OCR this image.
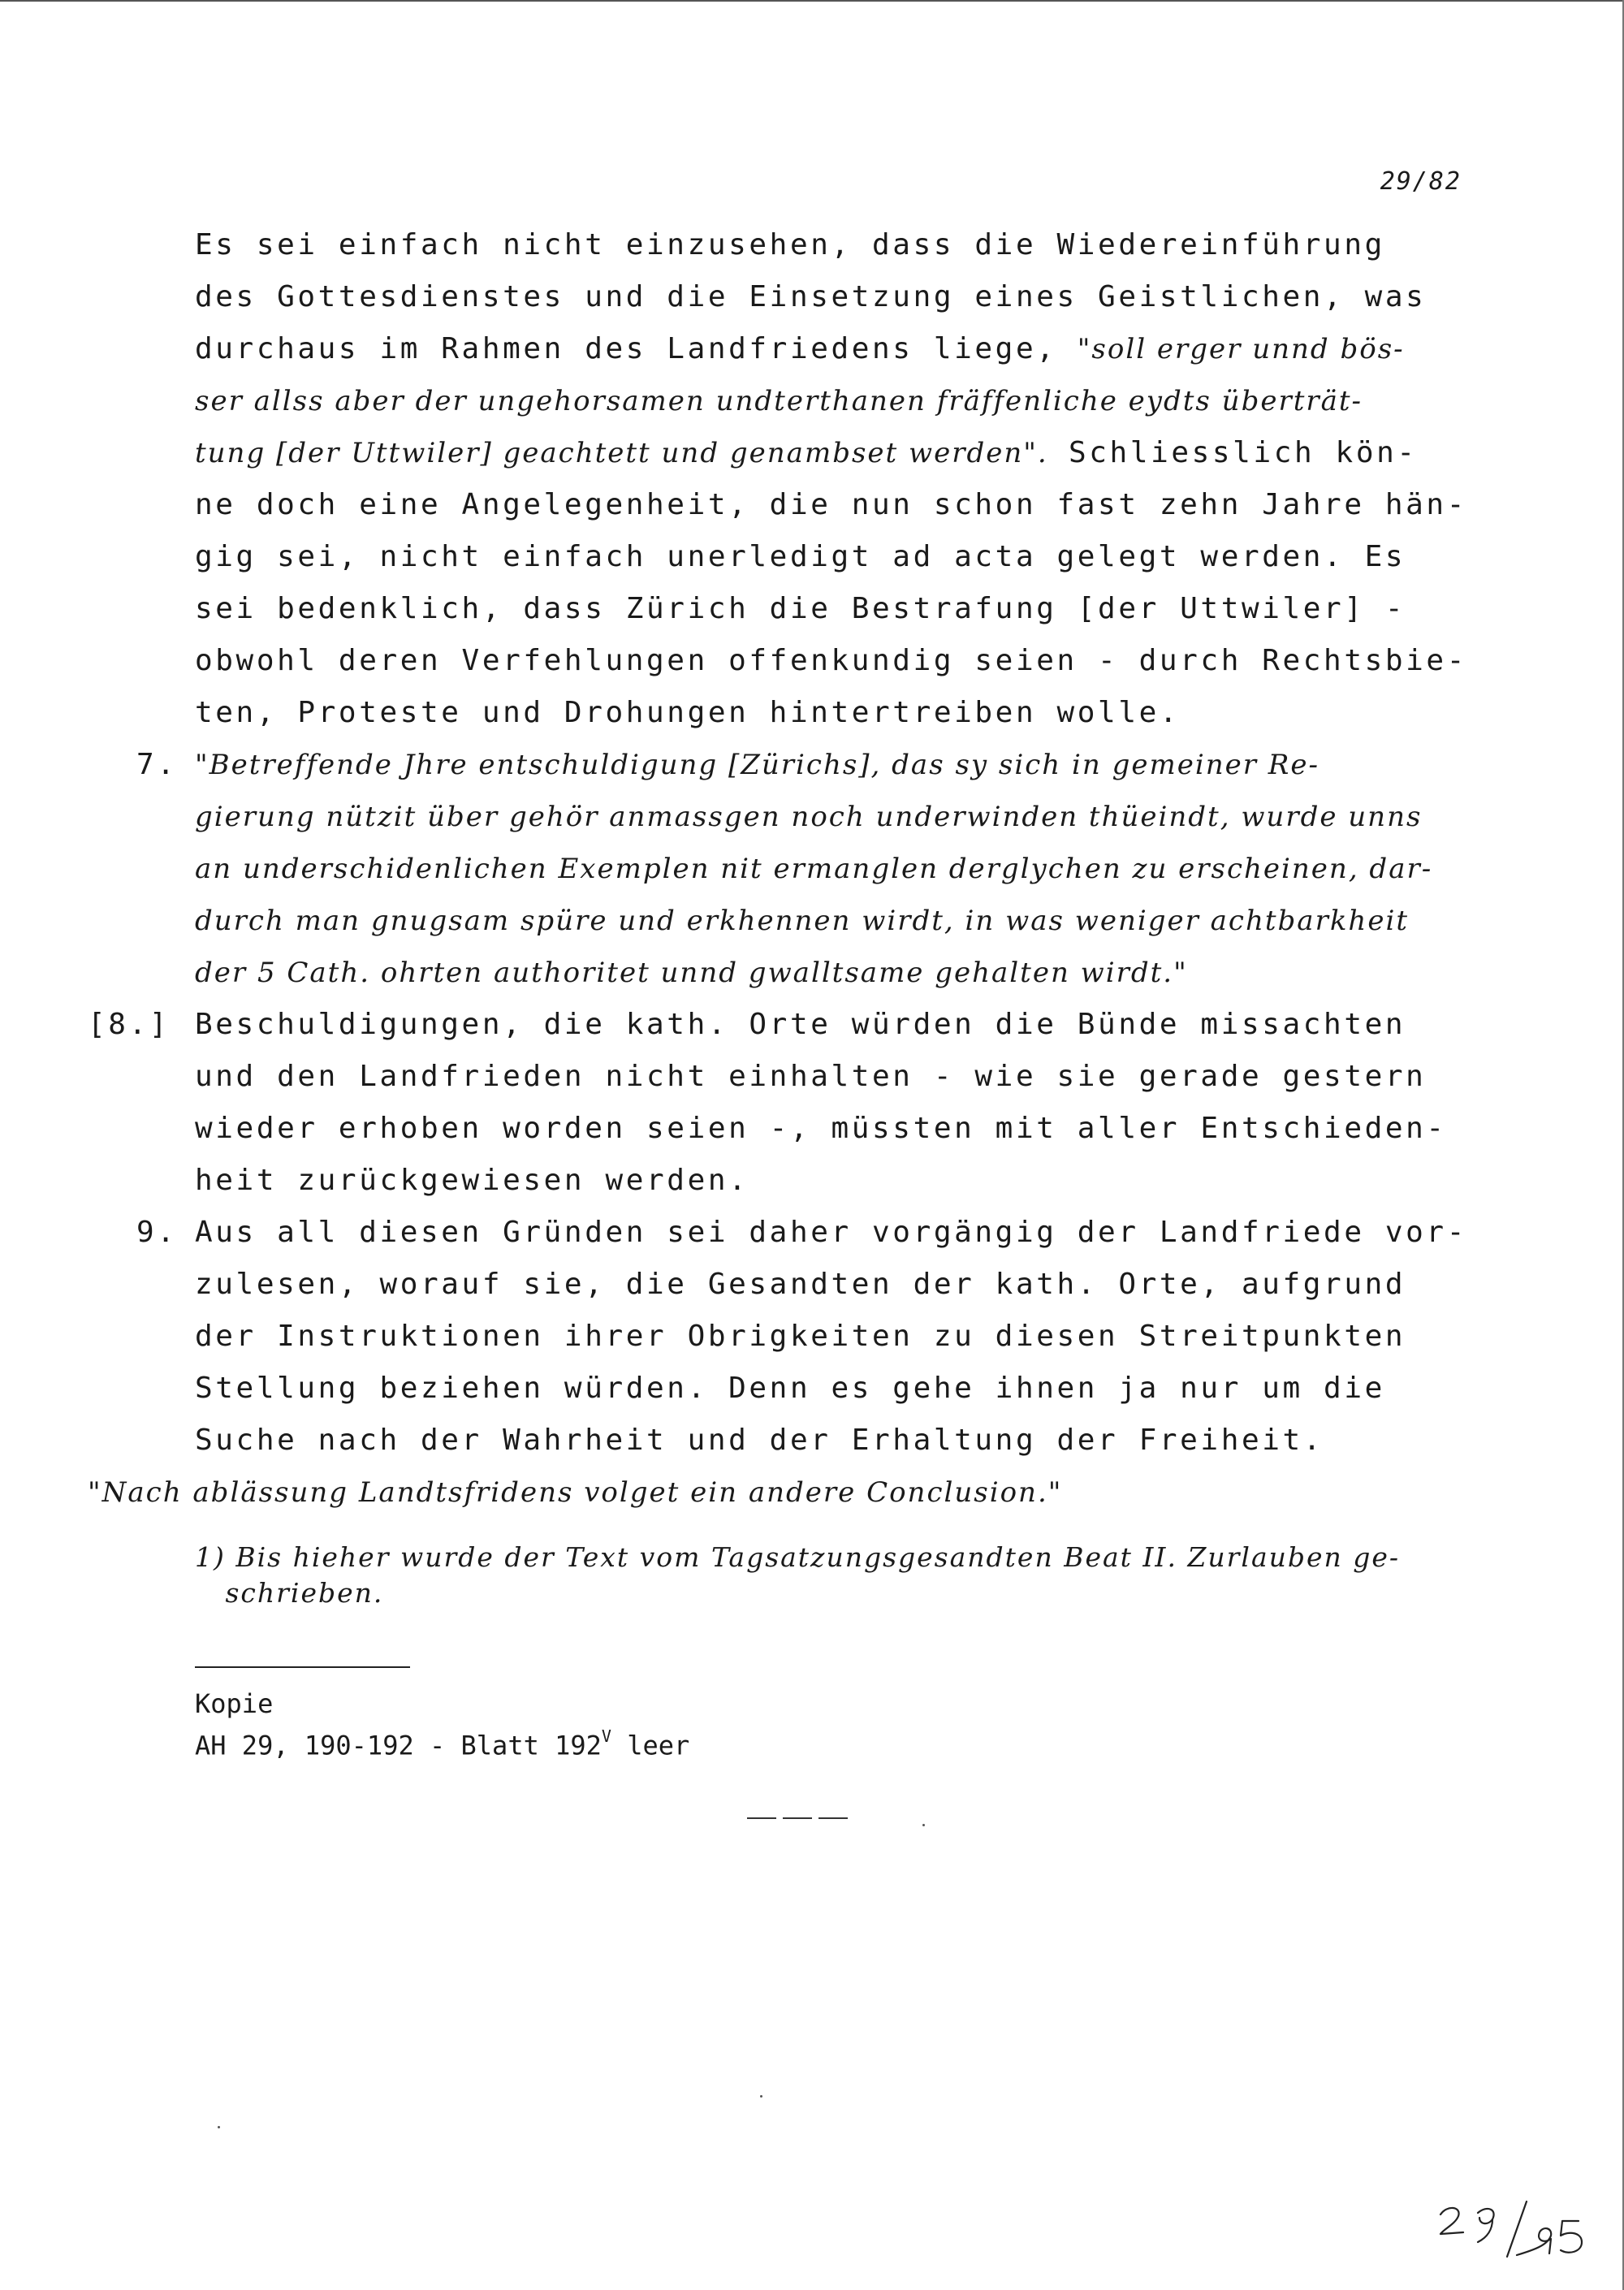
29/82
Es sei einfach nicht einzusehen, dass die Wiedereinführung
des Gottesdienstes und die Einsetzung eines Geistlichen, was
durchaus im Rahmen des Landfriedens liege, "soll erger unnd bös-
ser allss aber der ungehorsamen undterthanen fräffenliche eydts überträt-
tung [der Uttwiler] geachtett und genambset werden". Schliesslich kön-
ne doch eine Angelegenheit, die nun schon fast zehn Jahre hän-
gig sei, nicht einfach unerledigt ad acta gelegt werden. Es
sei bedenklich, dass Zürich die Bestrafung [der Uttwiler] -
obwohl deren Verfehlungen offenkundig seien - durch Rechtsbie-
ten, Proteste und Drohungen hintertreiben wolle.
7. "Betreffende Jhre entschuldigung [Zürichs], das sy sich in gemeiner Re-
gierung nützit über gehör anmassgen noch underwinden thüeindt, wurde unns
an underschidenlichen Exemplen nit ermanglen derglychen zu erscheinen, dar-
durch man gnugsam spüre und erkhennen wirdt, in was weniger achtbarkheit
der 5 Cath. ohrten authoritet unnd gwalltsame gehalten wirdt."
[8.] Beschuldigungen, die kath. Orte würden die Bünde missachten
und den Landfrieden nicht einhalten - wie sie gerade gestern
wieder erhoben worden seien -, müssten mit aller Entschieden-
heit zurückgewiesen werden.
9. Aus all diesen Gründen sei daher vorgängig der Landfriede vor-
zulesen, worauf sie, die Gesandten der kath. Orte, aufgrund
der Instruktionen ihrer Obrigkeiten zu diesen Streitpunkten
Stellung beziehen würden. Denn es gehe ihnen ja nur um die
Suche nach der Wahrheit und der Erhaltung der Freiheit.
"Nach ablässung Landtsfridens volget ein andere Conclusion."
1) Bis hieher wurde der Text vom Tagsatzungsgesandten Beat II. Zurlauben ge-
schrieben.
Kopie
AH 29, 190-192 - Blatt $192^V$ leer
